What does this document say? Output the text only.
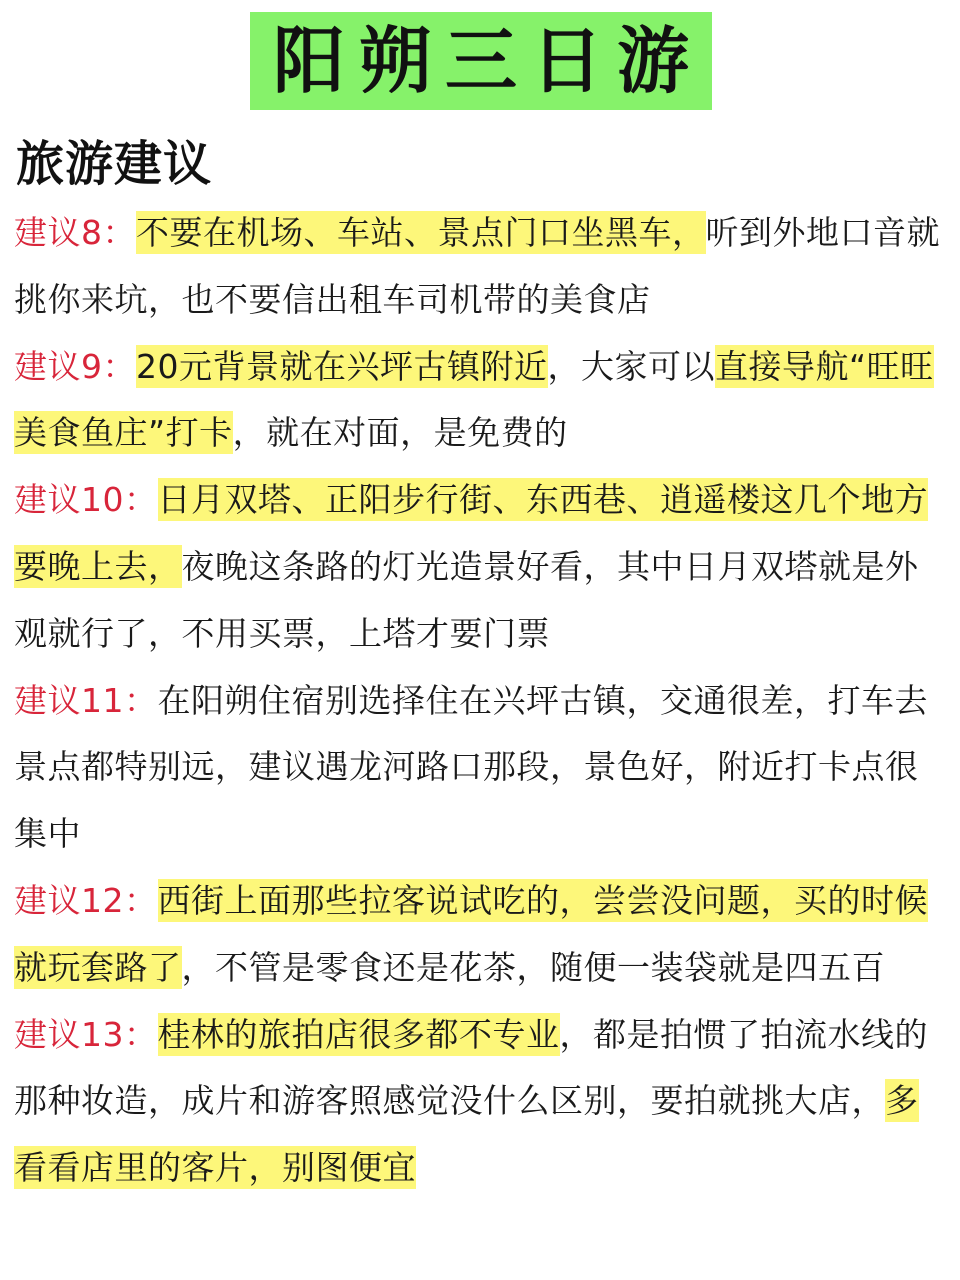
阳朔三日游
旅游建议

建议8：不要在机场、车站、景点门口坐黑车，听到外地口音就挑你来坑，也不要信出租车司机带的美食店

建议9：20元背景就在兴坪古镇附近，大家可以直接导航“旺旺美食鱼庄”打卡，就在对面，是免费的

建议10：日月双塔、正阳步行街、东西巷、逍遥楼这几个地方要晚上去，夜晚这条路的灯光造景好看，其中日月双塔就是外观就行了，不用买票，上塔才要门票

建议11：在阳朔住宿别选择住在兴坪古镇，交通很差，打车去景点都特别远，建议遇龙河路口那段，景色好，附近打卡点很集中

建议12：西街上面那些拉客说试吃的，尝尝没问题，买的时候就玩套路了，不管是零食还是花茶，随便一装袋就是四五百

建议13：桂林的旅拍店很多都不专业，都是拍惯了拍流水线的那种妆造，成片和游客照感觉没什么区别，要拍就挑大店，多看看店里的客片，别图便宜
